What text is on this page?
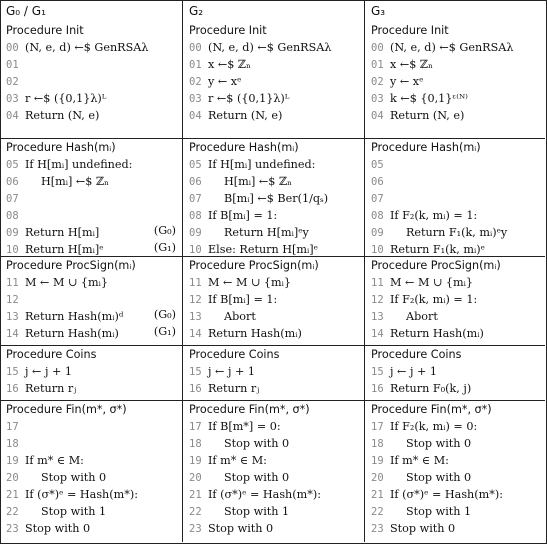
G₀ / G₁
Procedure Init
00 (N, e, d) ←$ GenRSAλ
01
02
03 r ←$ ({0,1}λ)ᴸ
04 Return (N, e)
Procedure Hash(mᵢ)
05 If H[mᵢ] undefined:
06 H[mᵢ] ←$ ℤₙ
07
08
09 Return H[mᵢ]	(G₀)
10 Return H[mᵢ]ᵉ	(G₁)
Procedure ProcSign(mᵢ)
11 M ← M ∪ {mᵢ}
12
13 Return Hash(mᵢ)ᵈ	(G₀)
14 Return Hash(mᵢ)	(G₁)
Procedure Coins
15 j ← j + 1
16 Return rⱼ
Procedure Fin(m*, σ*)
17
18
19 If m* ∈ M:
20 Stop with 0
21 If (σ*)ᵉ = Hash(m*):
22 Stop with 1
23 Stop with 0
G₂
Procedure Init
00 (N, e, d) ←$ GenRSAλ
01 x ←$ ℤₙ
02 y ← xᵉ
03 r ←$ ({0,1}λ)ᴸ
04 Return (N, e)
Procedure Hash(mᵢ)
05 If H[mᵢ] undefined:
06 H[mᵢ] ←$ ℤₙ
07 B[mᵢ] ←$ Ber(1/qₛ)
08 If B[mᵢ] = 1:
09 Return H[mᵢ]ᵉy
10 Else: Return H[mᵢ]ᵉ
Procedure ProcSign(mᵢ)
11 M ← M ∪ {mᵢ}
12 If B[mᵢ] = 1:
13 Abort
14 Return Hash(mᵢ)
Procedure Coins
15 j ← j + 1
16 Return rⱼ
Procedure Fin(m*, σ*)
17 If B[m*] = 0:
18 Stop with 0
19 If m* ∈ M:
20 Stop with 0
21 If (σ*)ᵉ = Hash(m*):
22 Stop with 1
23 Stop with 0
G₃
Procedure Init
00 (N, e, d) ←$ GenRSAλ
01 x ←$ ℤₙ
02 y ← xᵉ
03 k ←$ {0,1}ᵋ⁽ᴺ⁾
04 Return (N, e)
Procedure Hash(mᵢ)
05
06
07
08 If F₂(k, mᵢ) = 1:
09 Return F₁(k, mᵢ)ᵉy
10 Return F₁(k, mᵢ)ᵉ
Procedure ProcSign(mᵢ)
11 M ← M ∪ {mᵢ}
12 If F₂(k, mᵢ) = 1:
13 Abort
14 Return Hash(mᵢ)
Procedure Coins
15 j ← j + 1
16 Return F₀(k, j)
Procedure Fin(m*, σ*)
17 If F₂(k, mᵢ) = 0:
18 Stop with 0
19 If m* ∈ M:
20 Stop with 0
21 If (σ*)ᵉ = Hash(m*):
22 Stop with 1
23 Stop with 0
